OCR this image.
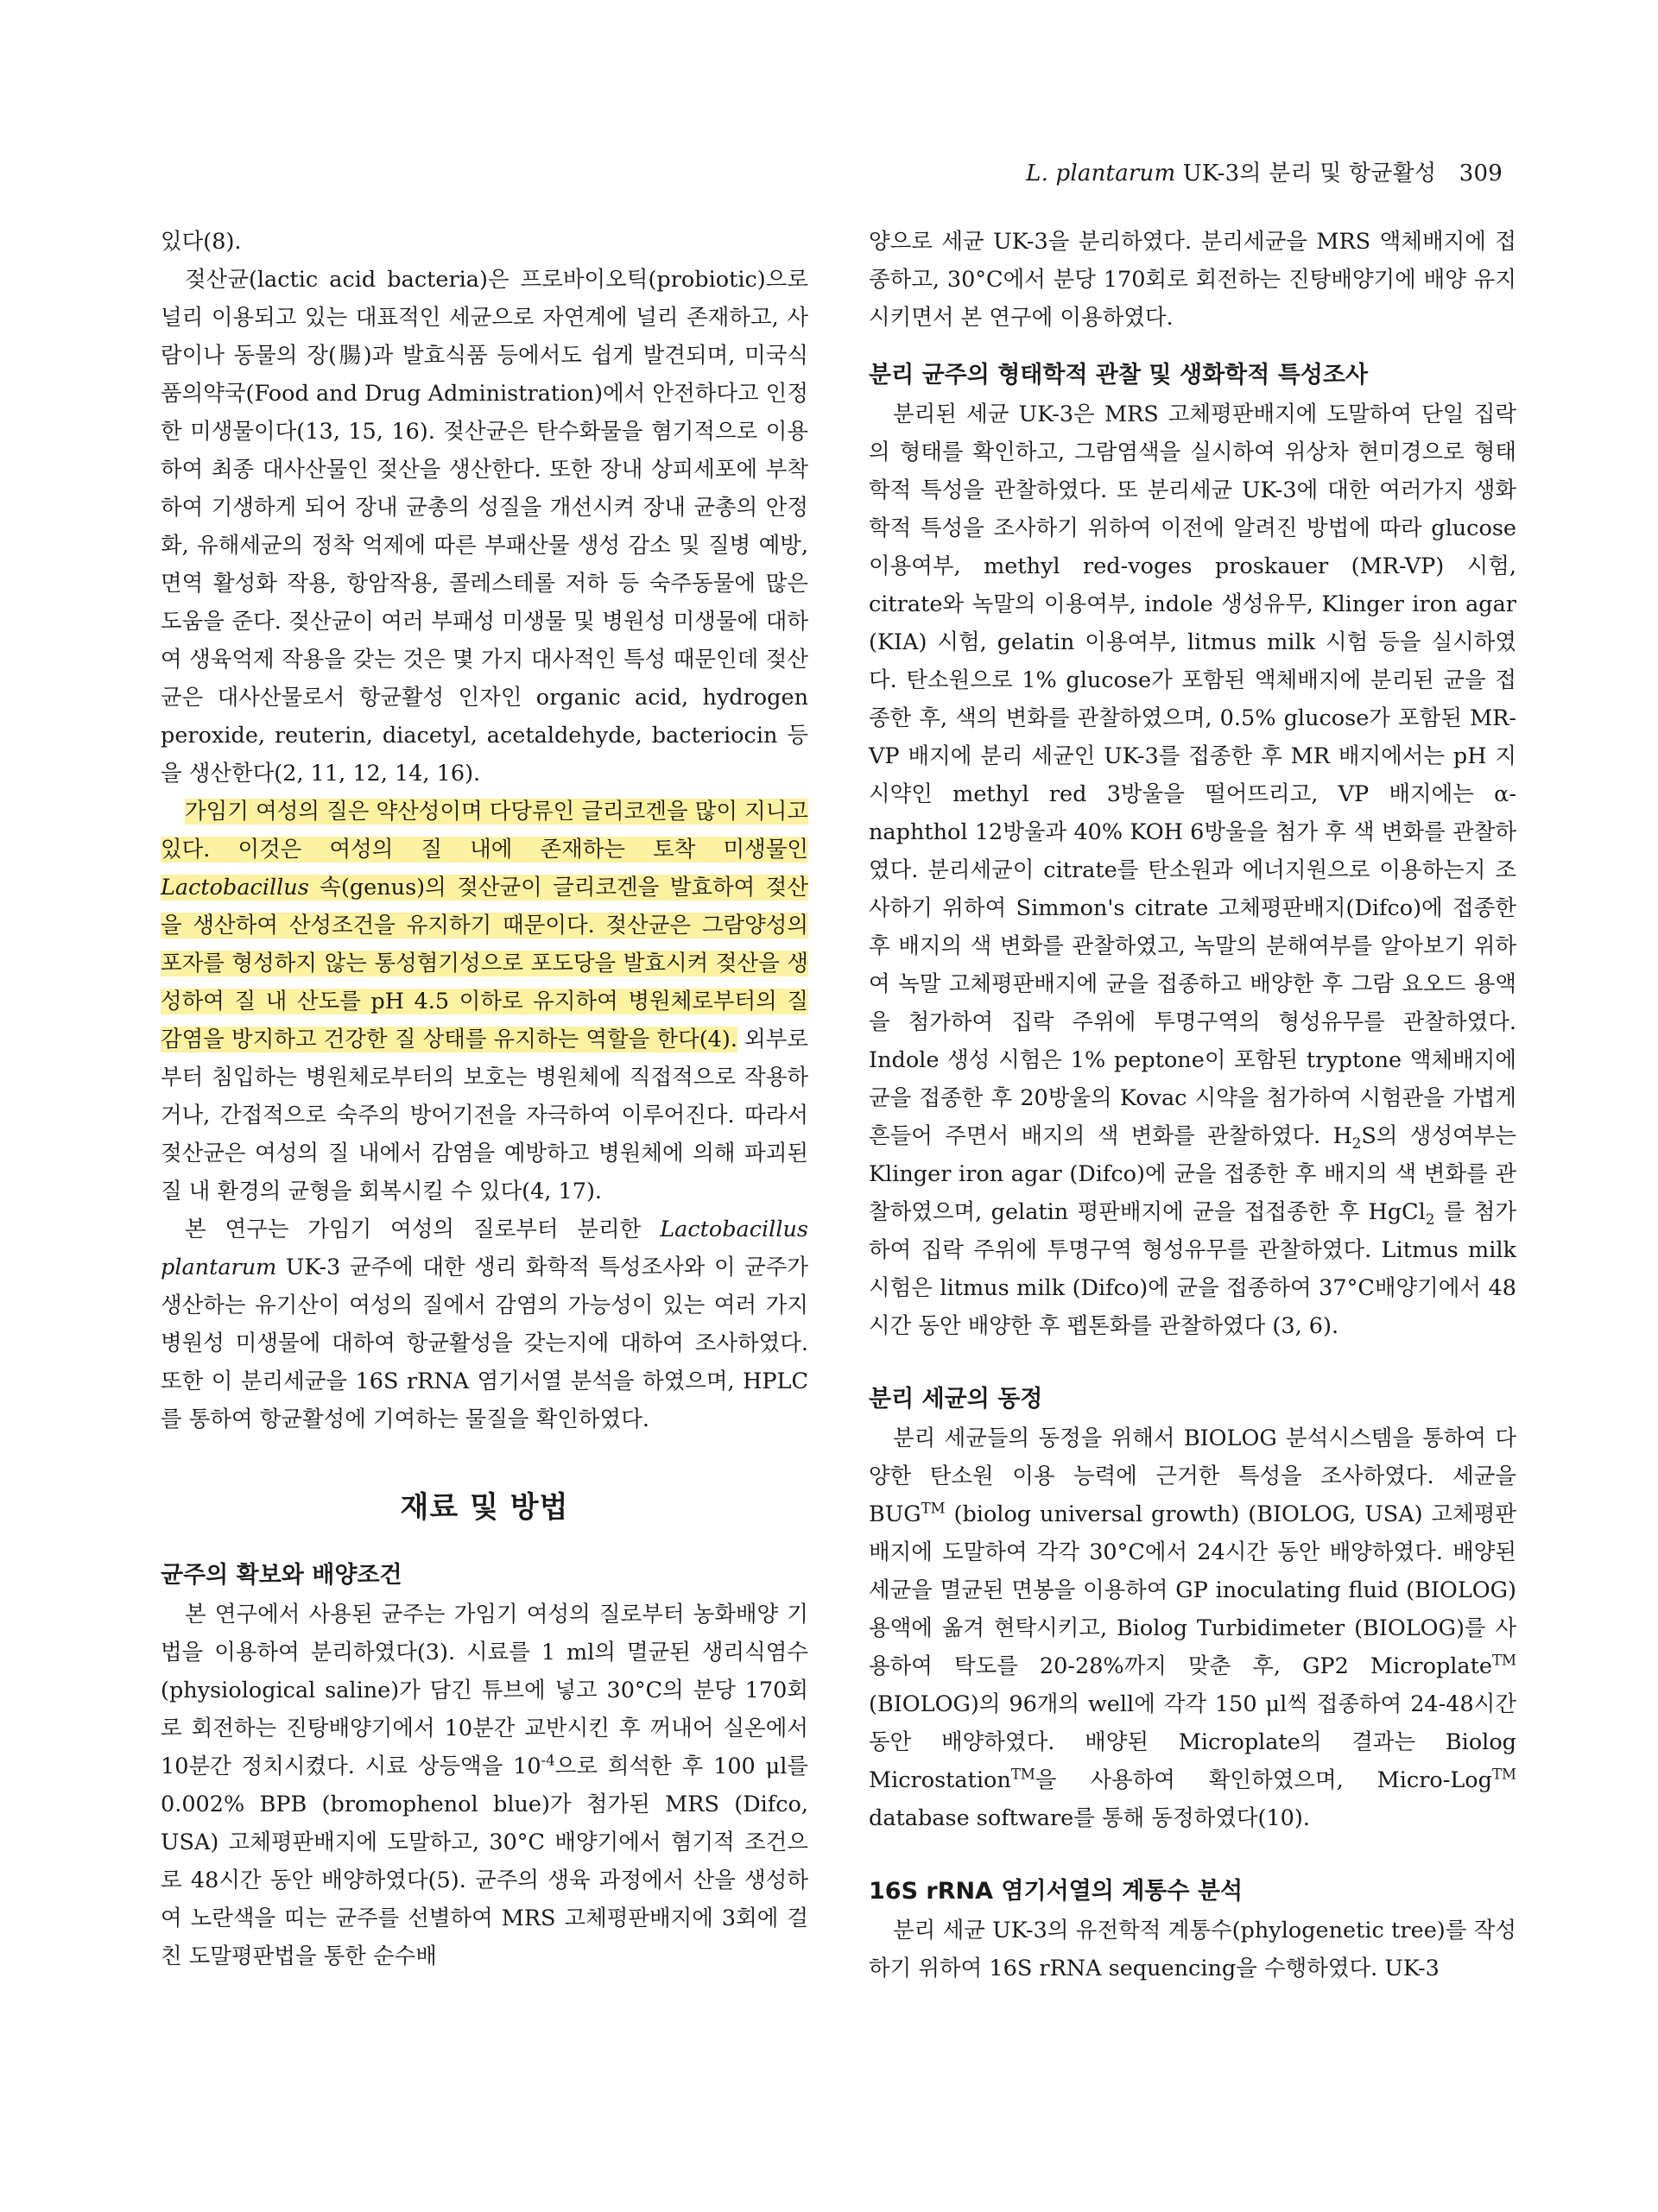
L. plantarum UK-3의 분리 및 항균활성 309

있다(8).

젖산균(lactic acid bacteria)은 프로바이오틱(probiotic)으로 널리 이용되고 있는 대표적인 세균으로 자연계에 널리 존재하고, 사람이나 동물의 장(腸)과 발효식품 등에서도 쉽게 발견되며, 미국식품의약국(Food and Drug Administration)에서 안전하다고 인정한 미생물이다(13, 15, 16). 젖산균은 탄수화물을 혐기적으로 이용하여 최종 대사산물인 젖산을 생산한다. 또한 장내 상피세포에 부착하여 기생하게 되어 장내 균총의 성질을 개선시켜 장내 균총의 안정화, 유해세균의 정착 억제에 따른 부패산물 생성 감소 및 질병 예방, 면역 활성화 작용, 항암작용, 콜레스테롤 저하 등 숙주동물에 많은 도움을 준다. 젖산균이 여러 부패성 미생물 및 병원성 미생물에 대하여 생육억제 작용을 갖는 것은 몇 가지 대사적인 특성 때문인데 젖산균은 대사산물로서 항균활성 인자인 organic acid, hydrogen peroxide, reuterin, diacetyl, acetaldehyde, bacteriocin 등을 생산한다(2, 11, 12, 14, 16).

가임기 여성의 질은 약산성이며 다당류인 글리코겐을 많이 지니고 있다. 이것은 여성의 질 내에 존재하는 토착 미생물인 Lactobacillus 속(genus)의 젖산균이 글리코겐을 발효하여 젖산을 생산하여 산성조건을 유지하기 때문이다. 젖산균은 그람양성의 포자를 형성하지 않는 통성혐기성으로 포도당을 발효시켜 젖산을 생성하여 질 내 산도를 pH 4.5 이하로 유지하여 병원체로부터의 질 감염을 방지하고 건강한 질 상태를 유지하는 역할을 한다(4). 외부로부터 침입하는 병원체로부터의 보호는 병원체에 직접적으로 작용하거나, 간접적으로 숙주의 방어기전을 자극하여 이루어진다. 따라서 젖산균은 여성의 질 내에서 감염을 예방하고 병원체에 의해 파괴된 질 내 환경의 균형을 회복시킬 수 있다(4, 17).

본 연구는 가임기 여성의 질로부터 분리한 Lactobacillus plantarum UK-3 균주에 대한 생리 화학적 특성조사와 이 균주가 생산하는 유기산이 여성의 질에서 감염의 가능성이 있는 여러 가지 병원성 미생물에 대하여 항균활성을 갖는지에 대하여 조사하였다. 또한 이 분리세균을 16S rRNA 염기서열 분석을 하였으며, HPLC를 통하여 항균활성에 기여하는 물질을 확인하였다.

재료 및 방법
균주의 확보와 배양조건

본 연구에서 사용된 균주는 가임기 여성의 질로부터 농화배양 기법을 이용하여 분리하였다(3). 시료를 1 ml의 멸균된 생리식염수(physiological saline)가 담긴 튜브에 넣고 30°C의 분당 170회로 회전하는 진탕배양기에서 10분간 교반시킨 후 꺼내어 실온에서 10분간 정치시켰다. 시료 상등액을 $10^{-4}$으로 희석한 후 100 μl를 0.002% BPB (bromophenol blue)가 첨가된 MRS (Difco, USA) 고체평판배지에 도말하고, 30°C 배양기에서 혐기적 조건으로 48시간 동안 배양하였다(5). 균주의 생육 과정에서 산을 생성하여 노란색을 띠는 균주를 선별하여 MRS 고체평판배지에 3회에 걸친 도말평판법을 통한 순수배

양으로 세균 UK-3을 분리하였다. 분리세균을 MRS 액체배지에 접종하고, 30°C에서 분당 170회로 회전하는 진탕배양기에 배양 유지시키면서 본 연구에 이용하였다.

분리 균주의 형태학적 관찰 및 생화학적 특성조사

분리된 세균 UK-3은 MRS 고체평판배지에 도말하여 단일 집락의 형태를 확인하고, 그람염색을 실시하여 위상차 현미경으로 형태학적 특성을 관찰하였다. 또 분리세균 UK-3에 대한 여러가지 생화학적 특성을 조사하기 위하여 이전에 알려진 방법에 따라 glucose 이용여부, methyl red-voges proskauer (MR-VP) 시험, citrate와 녹말의 이용여부, indole 생성유무, Klinger iron agar (KIA) 시험, gelatin 이용여부, litmus milk 시험 등을 실시하였다. 탄소원으로 1% glucose가 포함된 액체배지에 분리된 균을 접종한 후, 색의 변화를 관찰하였으며, 0.5% glucose가 포함된 MR-VP 배지에 분리 세균인 UK-3를 접종한 후 MR 배지에서는 pH 지시약인 methyl red 3방울을 떨어뜨리고, VP 배지에는 α-naphthol 12방울과 40% KOH 6방울을 첨가 후 색 변화를 관찰하였다. 분리세균이 citrate를 탄소원과 에너지원으로 이용하는지 조사하기 위하여 Simmon's citrate 고체평판배지(Difco)에 접종한 후 배지의 색 변화를 관찰하였고, 녹말의 분해여부를 알아보기 위하여 녹말 고체평판배지에 균을 접종하고 배양한 후 그람 요오드 용액을 첨가하여 집락 주위에 투명구역의 형성유무를 관찰하였다. Indole 생성 시험은 1% peptone이 포함된 tryptone 액체배지에 균을 접종한 후 20방울의 Kovac 시약을 첨가하여 시험관을 가볍게 흔들어 주면서 배지의 색 변화를 관찰하였다. $H_2S$의 생성여부는 Klinger iron agar (Difco)에 균을 접종한 후 배지의 색 변화를 관찰하였으며, gelatin 평판배지에 균을 접접종한 후 HgCl$_2$ 를 첨가하여 집락 주위에 투명구역 형성유무를 관찰하였다. Litmus milk 시험은 litmus milk (Difco)에 균을 접종하여 37°C배양기에서 48시간 동안 배양한 후 펩톤화를 관찰하였다 (3, 6).

분리 세균의 동정

분리 세균들의 동정을 위해서 BIOLOG 분석시스템을 통하여 다양한 탄소원 이용 능력에 근거한 특성을 조사하였다. 세균을 BUG™ (biolog universal growth) (BIOLOG, USA) 고체평판배지에 도말하여 각각 30°C에서 24시간 동안 배양하였다. 배양된 세균을 멸균된 면봉을 이용하여 GP inoculating fluid (BIOLOG) 용액에 옮겨 현탁시키고, Biolog Turbidimeter (BIOLOG)를 사용하여 탁도를 20-28%까지 맞춘 후, GP2 Microplate™ (BIOLOG)의 96개의 well에 각각 150 μl씩 접종하여 24-48시간 동안 배양하였다. 배양된 Microplate의 결과는 Biolog Microstation™을 사용하여 확인하였으며, Micro-Log™ database software를 통해 동정하였다(10).

16S rRNA 염기서열의 계통수 분석

분리 세균 UK-3의 유전학적 계통수(phylogenetic tree)를 작성하기 위하여 16S rRNA sequencing을 수행하였다. UK-3
